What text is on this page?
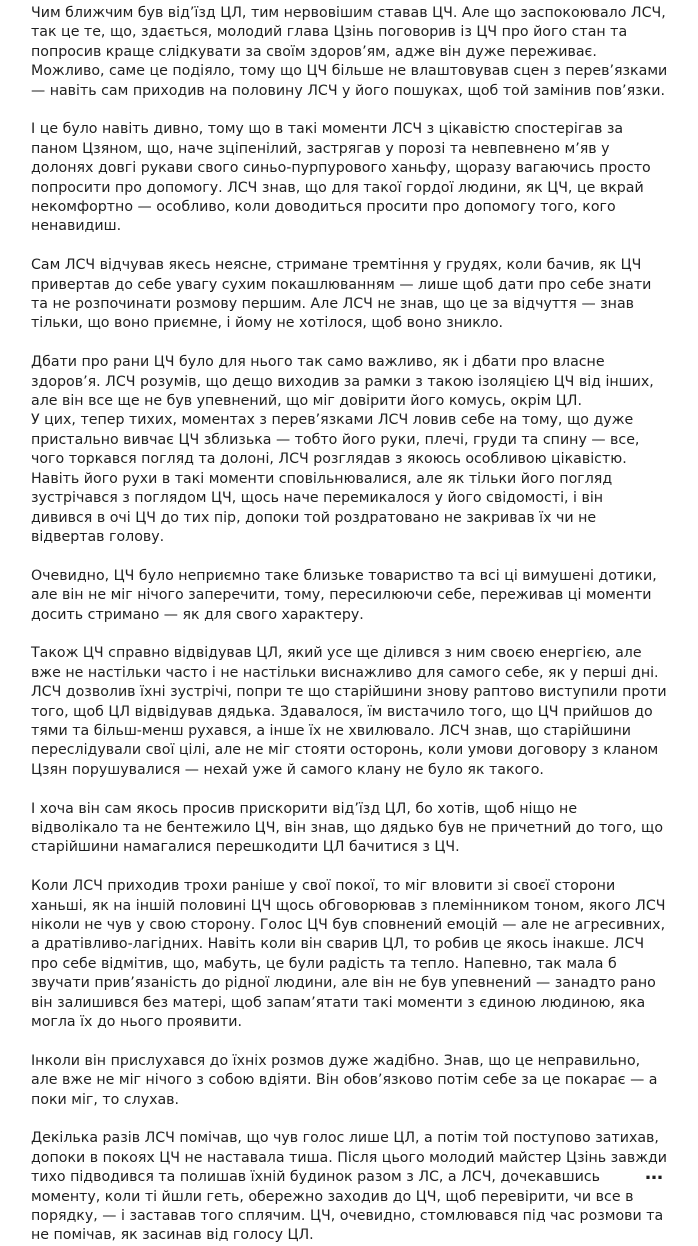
Чим ближчим був від’їзд ЦЛ, тим нервовішим ставав ЦЧ. Але що заспокоювало ЛСЧ, так це те, що, здається, молодий глава Цзінь поговорив із ЦЧ про його стан та попросив краще слідкувати за своїм здоров’ям, адже він дуже переживає. Можливо, саме це подіяло, тому що ЦЧ більше не влаштовував сцен з перев’язками — навіть сам приходив на половину ЛСЧ у його пошуках, щоб той замінив пов’язки.

І це було навіть дивно, тому що в такі моменти ЛСЧ з цікавістю спостерігав за паном Цзяном, що, наче зціпенілий, застрягав у порозі та невпевнено м’яв у долонях довгі рукави свого синьо-пурпурового ханьфу, щоразу вагаючись просто попросити про допомогу. ЛСЧ знав, що для такої гордої людини, як ЦЧ, це вкрай некомфортно — особливо, коли доводиться просити про допомогу того, кого ненавидиш.

Сам ЛСЧ відчував якесь неясне, стримане тремтіння у грудях, коли бачив, як ЦЧ привертав до себе увагу сухим покашлюванням — лише щоб дати про себе знати та не розпочинати розмову першим. Але ЛСЧ не знав, що це за відчуття — знав тільки, що воно приємне, і йому не хотілося, щоб воно зникло.

Дбати про рани ЦЧ було для нього так само важливо, як і дбати про власне здоров’я. ЛСЧ розумів, що дещо виходив за рамки з такою ізоляцією ЦЧ від інших, але він все ще не був упевнений, що міг довірити його комусь, окрім ЦЛ.

У цих, тепер тихих, моментах з перев’язками ЛСЧ ловив себе на тому, що дуже пристально вивчає ЦЧ зблизька — тобто його руки, плечі, груди та спину — все, чого торкався погляд та долоні, ЛСЧ розглядав з якоюсь особливою цікавістю. Навіть його рухи в такі моменти сповільнювалися, але як тільки його погляд зустрічався з поглядом ЦЧ, щось наче перемикалося у його свідомості, і він дивився в очі ЦЧ до тих пір, допоки той роздратовано не закривав їх чи не відвертав голову.

Очевидно, ЦЧ було неприємно таке близьке товариство та всі ці вимушені дотики, але він не міг нічого заперечити, тому, пересилюючи себе, переживав ці моменти досить стримано — як для свого характеру.

Також ЦЧ справно відвідував ЦЛ, який усе ще ділився з ним своєю енергією, але вже не настільки часто і не настільки виснажливо для самого себе, як у перші дні. ЛСЧ дозволив їхні зустрічі, попри те що старійшини знову раптово виступили проти того, щоб ЦЛ відвідував дядька. Здавалося, їм вистачило того, що ЦЧ прийшов до тями та більш-менш рухався, а інше їх не хвилювало. ЛСЧ знав, що старійшини переслідували свої цілі, але не міг стояти осторонь, коли умови договору з кланом Цзян порушувалися — нехай уже й самого клану не було як такого.

І хоча він сам якось просив прискорити від’їзд ЦЛ, бо хотів, щоб ніщо не відволікало та не бентежило ЦЧ, він знав, що дядько був не причетний до того, що старійшини намагалися перешкодити ЦЛ бачитися з ЦЧ.

Коли ЛСЧ приходив трохи раніше у свої покої, то міг вловити зі своєї сторони ханьші, як на іншій половині ЦЧ щось обговорював з племінником тоном, якого ЛСЧ ніколи не чув у свою сторону. Голос ЦЧ був сповнений емоцій — але не агресивних, а дратівливо-лагідних. Навіть коли він сварив ЦЛ, то робив це якось інакше. ЛСЧ про себе відмітив, що, мабуть, це були радість та тепло. Напевно, так мала б звучати прив’язаність до рідної людини, але він не був упевнений — занадто рано він залишився без матері, щоб запам’ятати такі моменти з єдиною людиною, яка могла їх до нього проявити.

Інколи він прислухався до їхніх розмов дуже жадібно. Знав, що це неправильно, але вже не міг нічого з собою вдіяти. Він обов’язково потім себе за це покарає — а поки міг, то слухав.

Декілька разів ЛСЧ помічав, що чув голос лише ЦЛ, а потім той поступово затихав, допоки в покоях ЦЧ не наставала тиша. Після цього молодий майстер Цзінь завжди тихо підводився та полишав їхній будинок разом з ЛС, а ЛСЧ, дочекавшись моменту, коли ті йшли геть, обережно заходив до ЦЧ, щоб перевірити, чи все в порядку, — і заставав того сплячим. ЦЧ, очевидно, стомлювався під час розмови та не помічав, як засинав від голосу ЦЛ.

…
